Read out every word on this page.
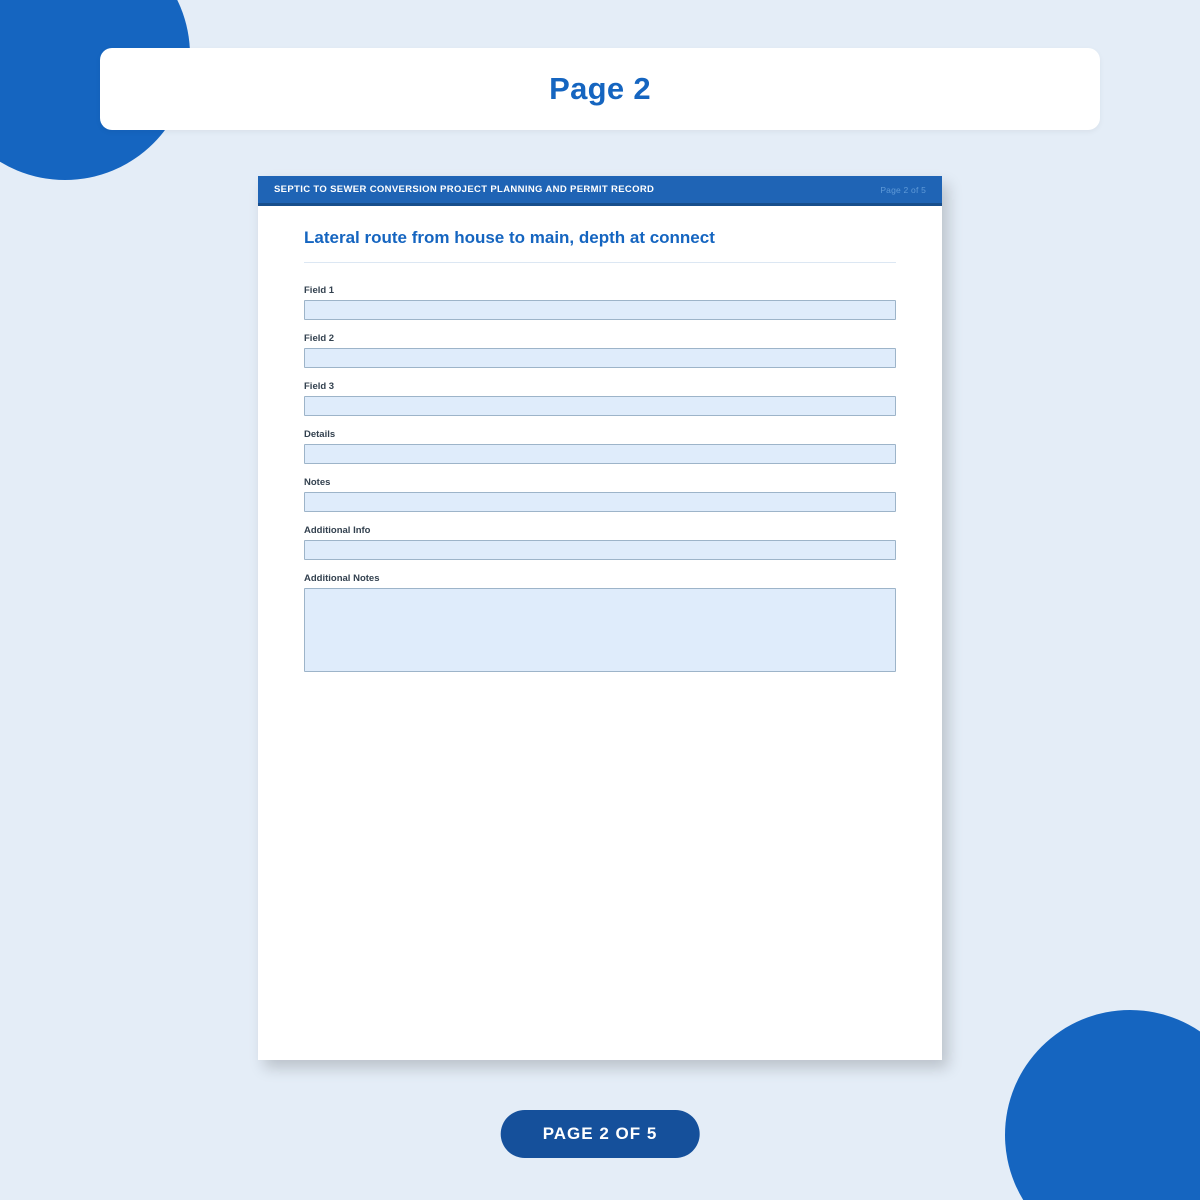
Page 2
SEPTIC TO SEWER CONVERSION PROJECT PLANNING AND PERMIT RECORD	Page 2 of 5
Lateral route from house to main, depth at connect
Field 1
Field 2
Field 3
Details
Notes
Additional Info
Additional Notes
PAGE 2 OF 5
